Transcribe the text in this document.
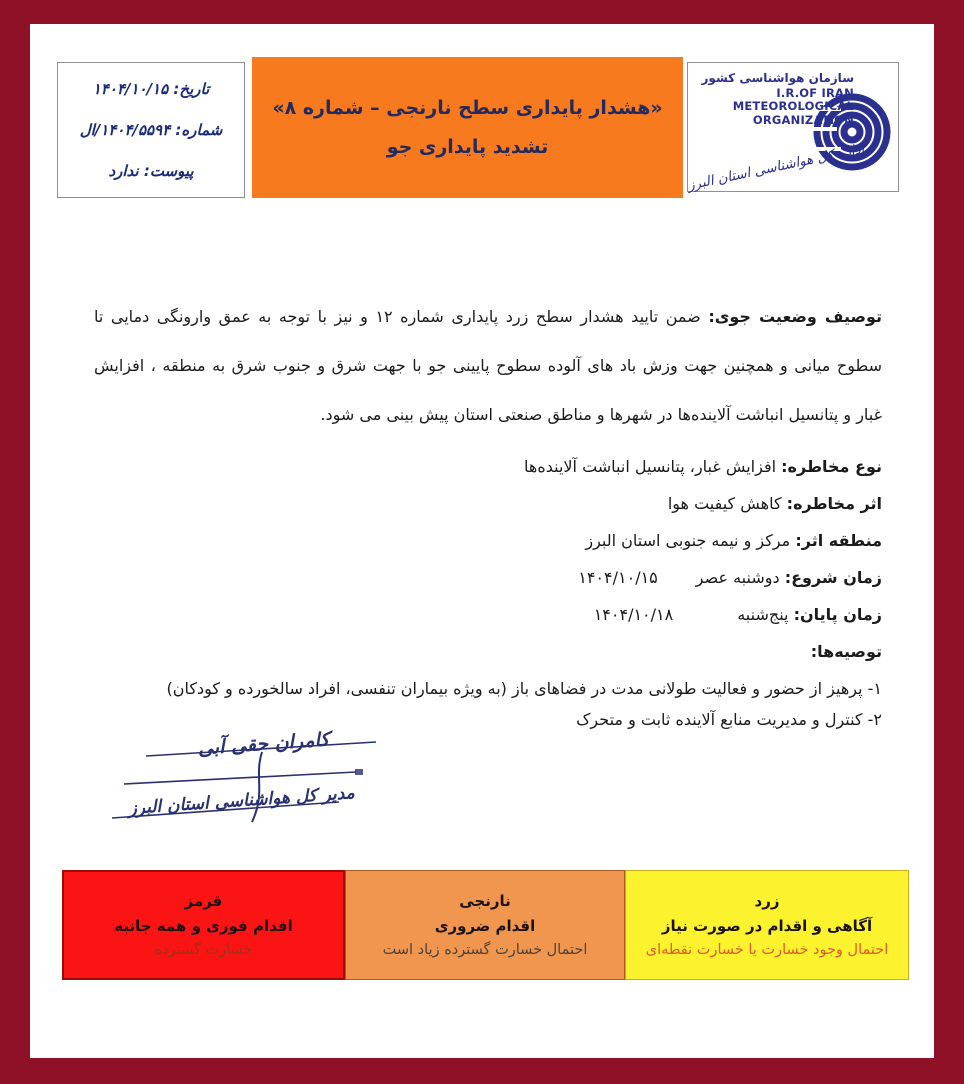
تاریخ: ۱۴۰۴/۱۰/۱۵
شماره: ۱۴۰۴/۵۵۹۴/ال
پیوست: ندارد
«هشدار پایداری سطح نارنجی – شماره ۸»
تشدید پایداری جو
سازمان هواشناسی کشور
I.R.OF IRAN
METEOROLOGICAL
ORGANIZATION
اداره کل هواشناسی استان البرز

توصیف وضعیت جوی: ضمن تایید هشدار سطح زرد پایداری شماره ۱۲ و نیز با توجه به عمق وارونگی دمایی تا سطوح میانی و همچنین جهت وزش باد های آلوده سطوح پایینی جو با جهت شرق و جنوب شرق به منطقه ، افزایش غبار و پتانسیل انباشت آلاینده‌ها در شهرها و مناطق صنعتی استان پیش بینی می شود.

نوع مخاطره: افزایش غبار، پتانسیل انباشت آلاینده‌ها
اثر مخاطره: کاهش کیفیت هوا
منطقه اثر: مرکز و نیمه جنوبی استان البرز
زمان شروع: دوشنبه عصر۱۴۰۴/۱۰/۱۵
زمان پایان: پنج‌شنبه۱۴۰۴/۱۰/۱۸
توصیه‌ها:
۱- پرهیز از حضور و فعالیت طولانی مدت در فضاهای باز (به ویژه بیماران تنفسی، افراد سالخورده و کودکان)
۲- کنترل و مدیریت منابع آلاینده ثابت و متحرک
کامران حقی آبی
مدیر کل هواشناسی استان البرز
قرمز
اقدام فوری و همه جانبه
خسارت گسترده
نارنجی
اقدام ضروری
احتمال خسارت گسترده زیاد است
زرد
آگاهی و اقدام در صورت نیاز
احتمال وجود خسارت یا خسارت نقطه‌ای
